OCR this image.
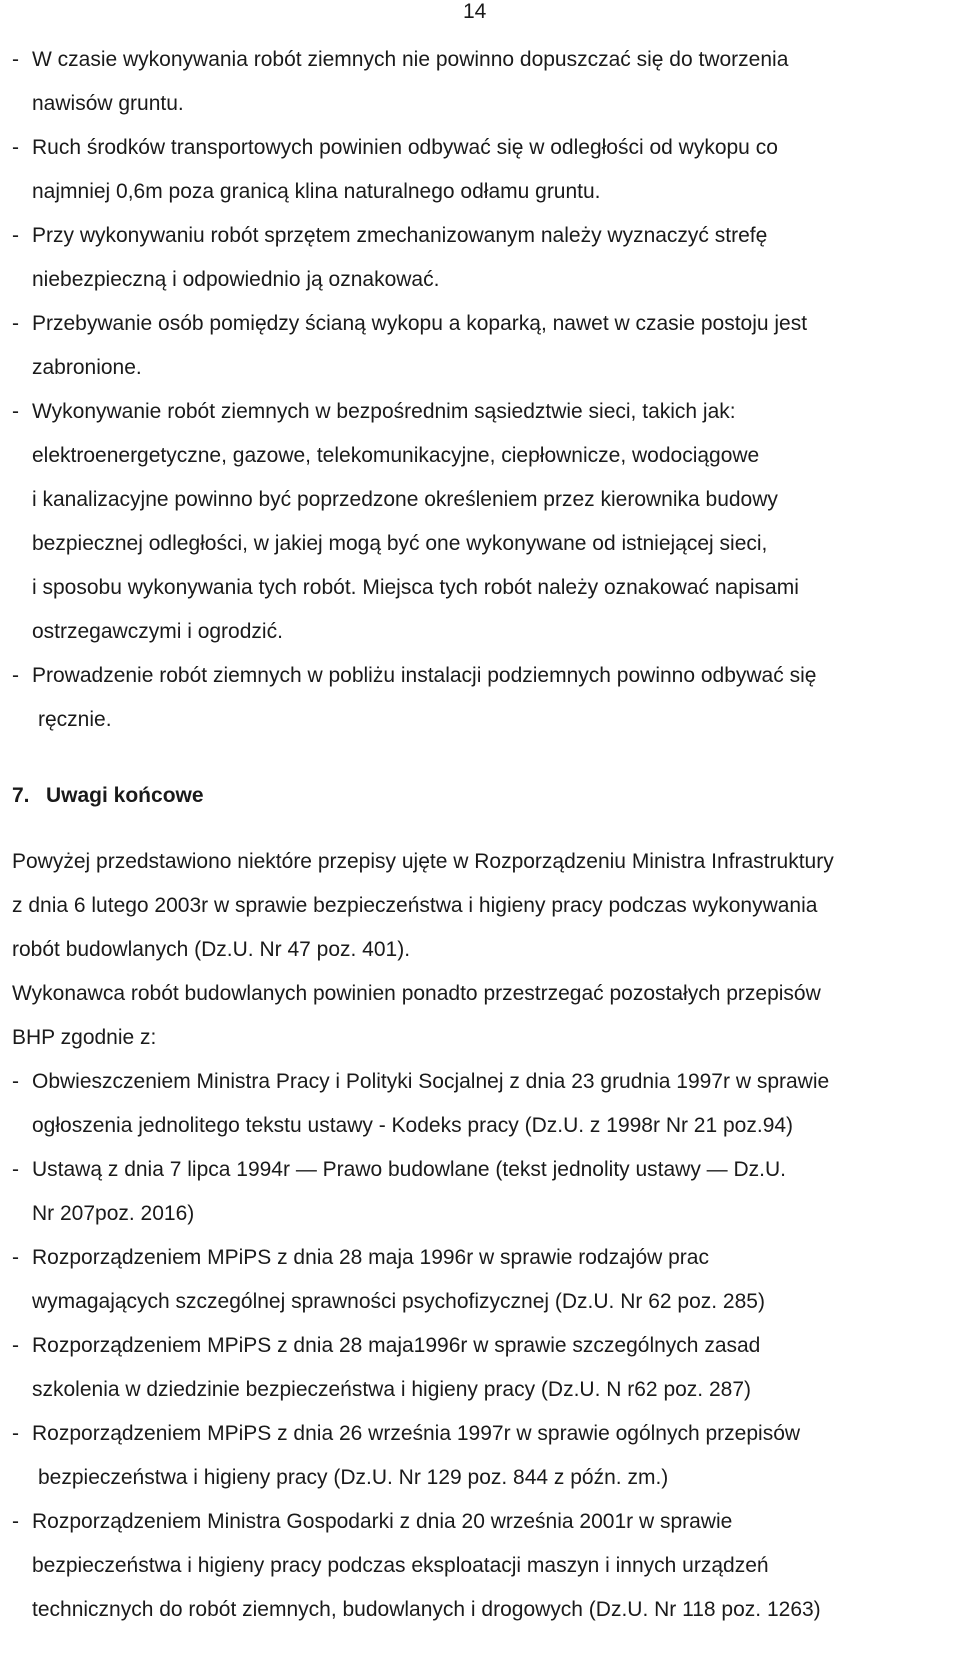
14
- W czasie wykonywania robót ziemnych nie powinno dopuszczać się do tworzenia
nawisów gruntu.
- Ruch środków transportowych powinien odbywać się w odległości od wykopu co
najmniej 0,6m poza granicą klina naturalnego odłamu gruntu.
- Przy wykonywaniu robót sprzętem zmechanizowanym należy wyznaczyć strefę
niebezpieczną i odpowiednio ją oznakować.
- Przebywanie osób pomiędzy ścianą wykopu a koparką, nawet w czasie postoju jest
zabronione.
- Wykonywanie robót ziemnych w bezpośrednim sąsiedztwie sieci, takich jak:
elektroenergetyczne, gazowe, telekomunikacyjne, ciepłownicze, wodociągowe
i kanalizacyjne powinno być poprzedzone określeniem przez kierownika budowy
bezpiecznej odległości, w jakiej mogą być one wykonywane od istniejącej sieci,
i sposobu wykonywania tych robót. Miejsca tych robót należy oznakować napisami
ostrzegawczymi i ogrodzić.
- Prowadzenie robót ziemnych w pobliżu instalacji podziemnych powinno odbywać się
ręcznie.
7. Uwagi końcowe
Powyżej przedstawiono niektóre przepisy ujęte w Rozporządzeniu Ministra Infrastruktury
z dnia 6 lutego 2003r w sprawie bezpieczeństwa i higieny pracy podczas wykonywania
robót budowlanych (Dz.U. Nr 47 poz. 401).
Wykonawca robót budowlanych powinien ponadto przestrzegać pozostałych przepisów
BHP zgodnie z:
- Obwieszczeniem Ministra Pracy i Polityki Socjalnej z dnia 23 grudnia 1997r w sprawie
ogłoszenia jednolitego tekstu ustawy - Kodeks pracy (Dz.U. z 1998r Nr 21 poz.94)
- Ustawą z dnia 7 lipca 1994r — Prawo budowlane (tekst jednolity ustawy — Dz.U.
Nr 207poz. 2016)
- Rozporządzeniem MPiPS z dnia 28 maja 1996r w sprawie rodzajów prac
wymagających szczególnej sprawności psychofizycznej (Dz.U. Nr 62 poz. 285)
- Rozporządzeniem MPiPS z dnia 28 maja1996r w sprawie szczególnych zasad
szkolenia w dziedzinie bezpieczeństwa i higieny pracy (Dz.U. N r62 poz. 287)
- Rozporządzeniem MPiPS z dnia 26 września 1997r w sprawie ogólnych przepisów
bezpieczeństwa i higieny pracy (Dz.U. Nr 129 poz. 844 z późn. zm.)
- Rozporządzeniem Ministra Gospodarki z dnia 20 września 2001r w sprawie
bezpieczeństwa i higieny pracy podczas eksploatacji maszyn i innych urządzeń
technicznych do robót ziemnych, budowlanych i drogowych (Dz.U. Nr 118 poz. 1263)
